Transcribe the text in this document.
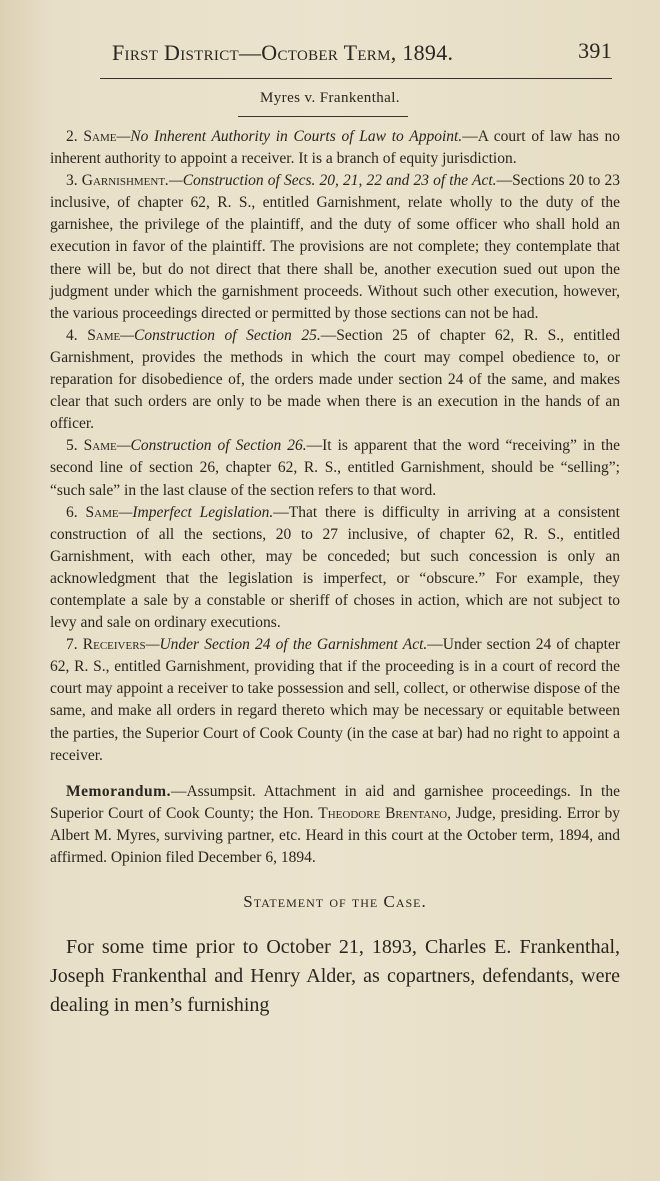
First District—October Term, 1894.	391
Myres v. Frankenthal.

2. Same—No Inherent Authority in Courts of Law to Appoint.—A court of law has no inherent authority to appoint a receiver. It is a branch of equity jurisdiction.

3. Garnishment.—Construction of Secs. 20, 21, 22 and 23 of the Act.—Sections 20 to 23 inclusive, of chapter 62, R. S., entitled Garnishment, relate wholly to the duty of the garnishee, the privilege of the plaintiff, and the duty of some officer who shall hold an execution in favor of the plaintiff. The provisions are not complete; they contemplate that there will be, but do not direct that there shall be, another execution sued out upon the judgment under which the garnishment proceeds. Without such other execution, however, the various proceedings directed or permitted by those sections can not be had.

4. Same—Construction of Section 25.—Section 25 of chapter 62, R. S., entitled Garnishment, provides the methods in which the court may compel obedience to, or reparation for disobedience of, the orders made under section 24 of the same, and makes clear that such orders are only to be made when there is an execution in the hands of an officer.

5. Same—Construction of Section 26.—It is apparent that the word “receiving” in the second line of section 26, chapter 62, R. S., entitled Garnishment, should be “selling”; “such sale” in the last clause of the section refers to that word.

6. Same—Imperfect Legislation.—That there is difficulty in arriving at a consistent construction of all the sections, 20 to 27 inclusive, of chapter 62, R. S., entitled Garnishment, with each other, may be conceded; but such concession is only an acknowledgment that the legislation is imperfect, or “obscure.” For example, they contemplate a sale by a constable or sheriff of choses in action, which are not subject to levy and sale on ordinary executions.

7. Receivers—Under Section 24 of the Garnishment Act.—Under section 24 of chapter 62, R. S., entitled Garnishment, providing that if the proceeding is in a court of record the court may appoint a receiver to take possession and sell, collect, or otherwise dispose of the same, and make all orders in regard thereto which may be necessary or equitable between the parties, the Superior Court of Cook County (in the case at bar) had no right to appoint a receiver.

Memorandum.—Assumpsit. Attachment in aid and garnishee proceedings. In the Superior Court of Cook County; the Hon. Theodore Brentano, Judge, presiding. Error by Albert M. Myres, surviving partner, etc. Heard in this court at the October term, 1894, and affirmed. Opinion filed December 6, 1894.

Statement of the Case.

For some time prior to October 21, 1893, Charles E. Frankenthal, Joseph Frankenthal and Henry Alder, as copartners, defendants, were dealing in men’s furnishing
